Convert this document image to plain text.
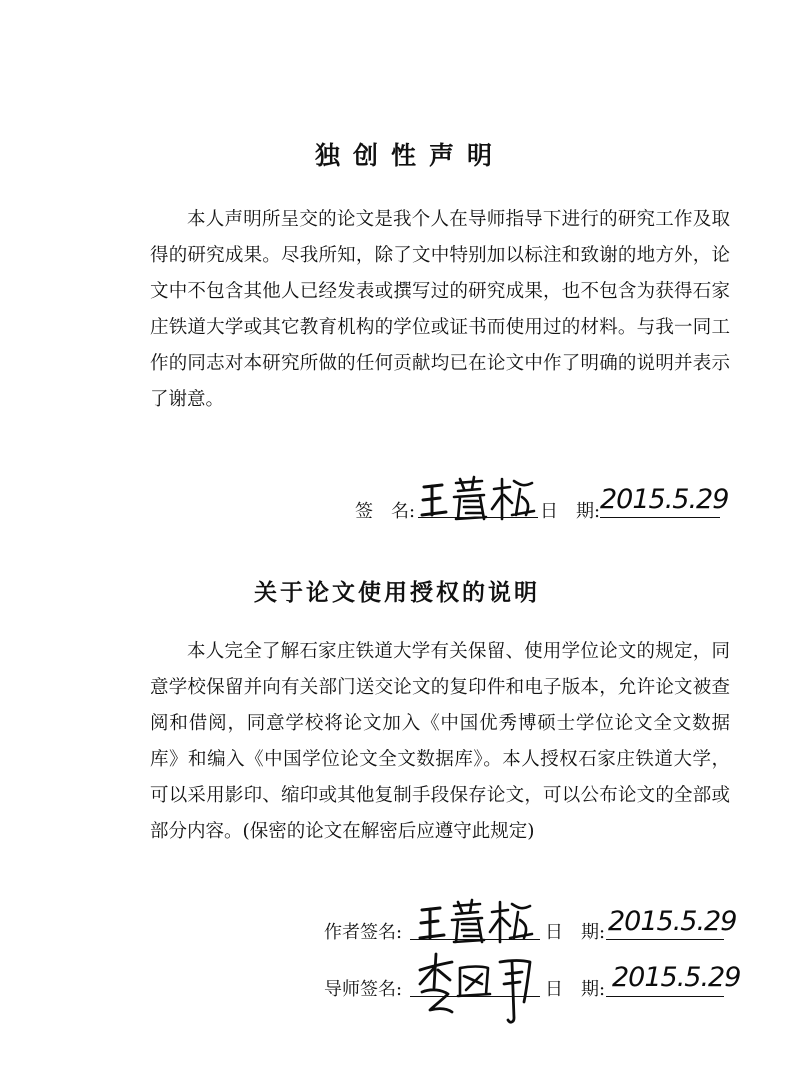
独创性声明

本人声明所呈交的论文是我个人在导师指导下进行的研究工作及取得的研究成果。尽我所知，除了文中特别加以标注和致谢的地方外，论文中不包含其他人已经发表或撰写过的研究成果，也不包含为获得石家庄铁道大学或其它教育机构的学位或证书而使用过的材料。与我一同工作的同志对本研究所做的任何贡献均已在论文中作了明确的说明并表示了谢意。

签　名:	日　期: 2015.5.29
关于论文使用授权的说明

本人完全了解石家庄铁道大学有关保留、使用学位论文的规定，同意学校保留并向有关部门送交论文的复印件和电子版本，允许论文被查阅和借阅，同意学校将论文加入《中国优秀博硕士学位论文全文数据库》和编入《中国学位论文全文数据库》。本人授权石家庄铁道大学，可以采用影印、缩印或其他复制手段保存论文，可以公布论文的全部或部分内容。(保密的论文在解密后应遵守此规定)

作者签名:	日　期: 2015.5.29
导师签名:	日　期: 2015.5.29
